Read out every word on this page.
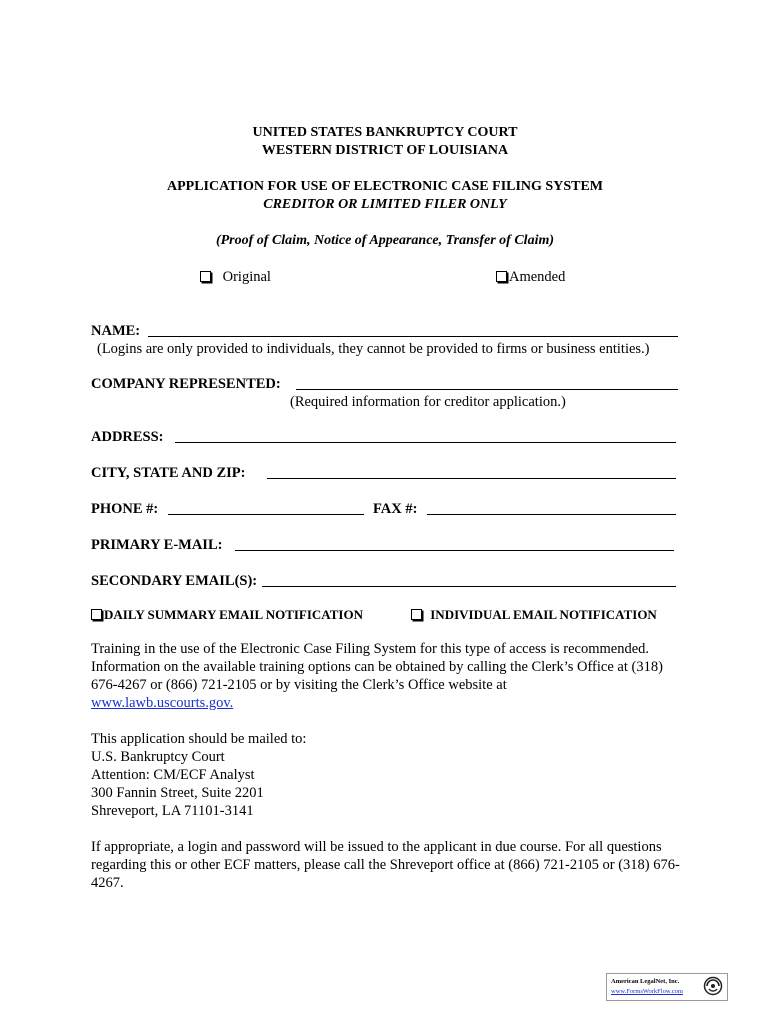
UNITED STATES BANKRUPTCY COURT
WESTERN DISTRICT OF LOUISIANA
APPLICATION FOR USE OF ELECTRONIC CASE FILING SYSTEM
CREDITOR OR LIMITED FILER ONLY
(Proof of Claim, Notice of Appearance, Transfer of Claim)
Original	Amended
NAME:
(Logins are only provided to individuals, they cannot be provided to firms or business entities.)
COMPANY REPRESENTED:
(Required information for creditor application.)
ADDRESS:
CITY, STATE AND ZIP:
PHONE #:	FAX #:
PRIMARY E-MAIL:
SECONDARY EMAIL(S):
DAILY SUMMARY EMAIL NOTIFICATION	INDIVIDUAL EMAIL NOTIFICATION
Training in the use of the Electronic Case Filing System for this type of access is recommended. Information on the available training options can be obtained by calling the Clerk’s Office at (318) 676-4267 or (866) 721-2105 or by visiting the Clerk’s Office website at
www.lawb.uscourts.gov.
This application should be mailed to:
U.S. Bankruptcy Court
Attention: CM/ECF Analyst
300 Fannin Street, Suite 2201
Shreveport, LA 71101-3141
If appropriate, a login and password will be issued to the applicant in due course. For all questions regarding this or other ECF matters, please call the Shreveport office at (866) 721-2105 or (318) 676-4267.
American LegalNet, Inc.
www.FormsWorkFlow.com
